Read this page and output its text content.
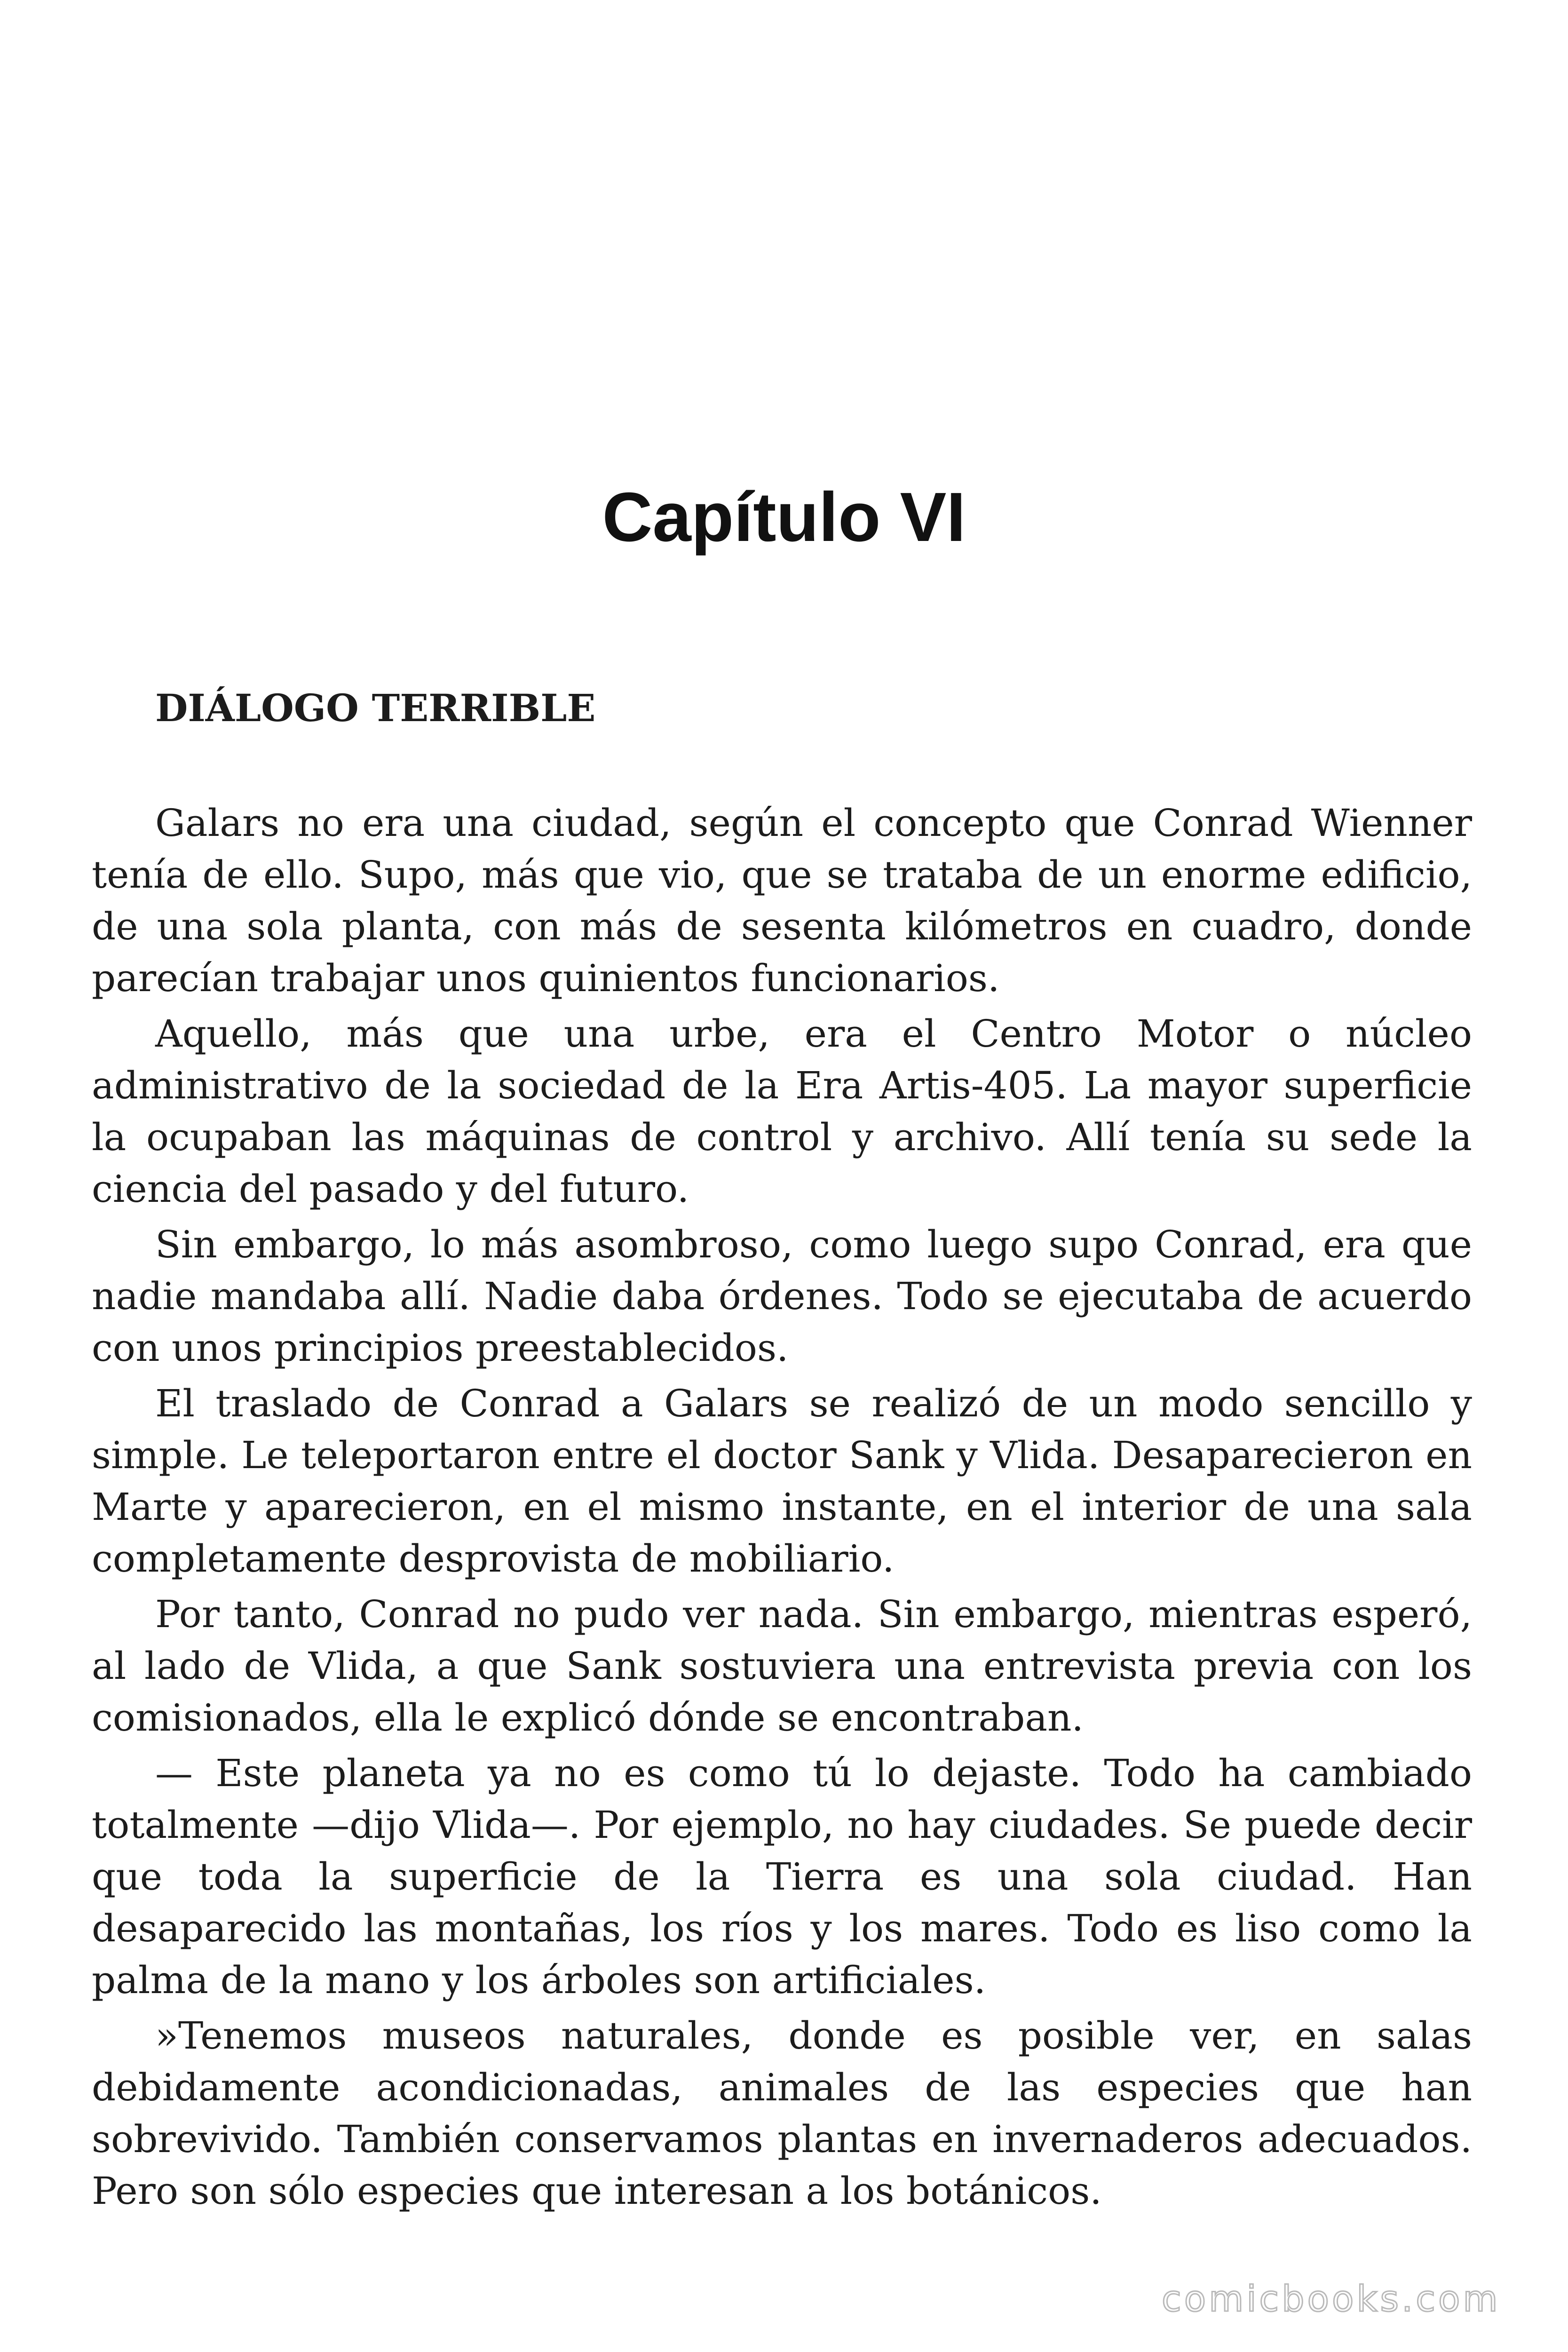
Capítulo VI
DIÁLOGO TERRIBLE

Galars no era una ciudad, según el concepto que Conrad Wienner tenía de ello. Supo, más que vio, que se trataba de un enorme edificio, de una sola planta, con más de sesenta kilómetros en cuadro, donde parecían trabajar unos quinientos funcionarios.

Aquello, más que una urbe, era el Centro Motor o núcleo administrativo de la sociedad de la Era Artis-405. La mayor superficie la ocupaban las máquinas de control y archivo. Allí tenía su sede la ciencia del pasado y del futuro.

Sin embargo, lo más asombroso, como luego supo Conrad, era que nadie mandaba allí. Nadie daba órdenes. Todo se ejecutaba de acuerdo con unos principios preestablecidos.

El traslado de Conrad a Galars se realizó de un modo sencillo y simple. Le teleportaron entre el doctor Sank y Vlida. Desaparecieron en Marte y aparecieron, en el mismo instante, en el interior de una sala completamente desprovista de mobiliario.

Por tanto, Conrad no pudo ver nada. Sin embargo, mientras esperó, al lado de Vlida, a que Sank sostuviera una entrevista previa con los comisionados, ella le explicó dónde se encontraban.

— Este planeta ya no es como tú lo dejaste. Todo ha cambiado totalmente —dijo Vlida—. Por ejemplo, no hay ciudades. Se puede decir que toda la superficie de la Tierra es una sola ciudad. Han desaparecido las montañas, los ríos y los mares. Todo es liso como la palma de la mano y los árboles son artificiales.

»Tenemos museos naturales, donde es posible ver, en salas debidamente acondicionadas, animales de las especies que han sobrevivido. También conservamos plantas en invernaderos adecuados. Pero son sólo especies que interesan a los botánicos.

comicbooks.com
